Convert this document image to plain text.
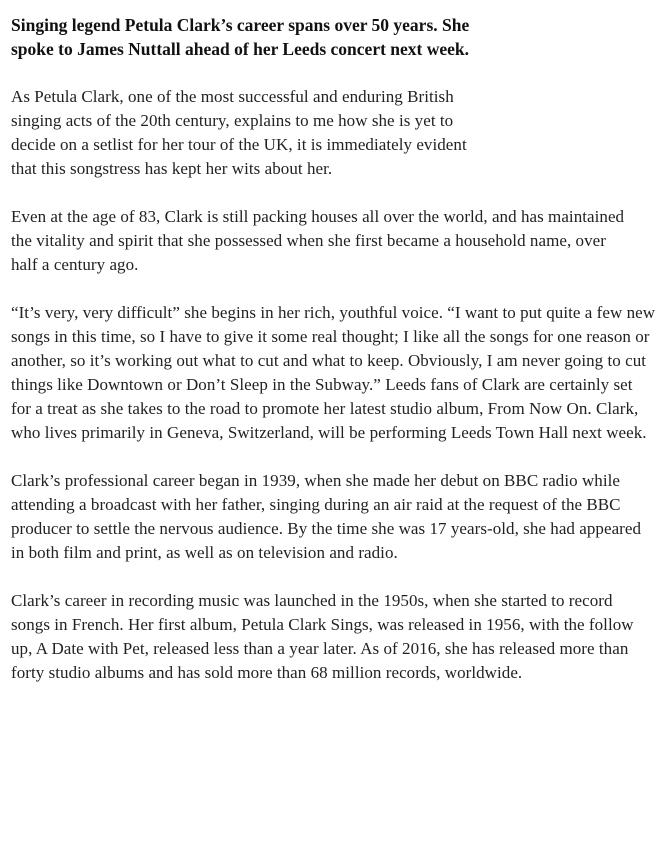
Singing legend Petula Clark’s career spans over 50 years. She spoke to James Nuttall ahead of her Leeds concert next week.

As Petula Clark, one of the most successful and enduring British singing acts of the 20th century, explains to me how she is yet to decide on a setlist for her tour of the UK, it is immediately evident that this songstress has kept her wits about her.

Even at the age of 83, Clark is still packing houses all over the world, and has maintained the vitality and spirit that she possessed when she first became a household name, over half a century ago.

“It’s very, very difficult” she begins in her rich, youthful voice. “I want to put quite a few new songs in this time, so I have to give it some real thought; I like all the songs for one reason or another, so it’s working out what to cut and what to keep. Obviously, I am never going to cut things like Downtown or Don’t Sleep in the Subway.” Leeds fans of Clark are certainly set for a treat as she takes to the road to promote her latest studio album, From Now On. Clark, who lives primarily in Geneva, Switzerland, will be performing Leeds Town Hall next week.

Clark’s professional career began in 1939, when she made her debut on BBC radio while attending a broadcast with her father, singing during an air raid at the request of the BBC producer to settle the nervous audience. By the time she was 17 years-old, she had appeared in both film and print, as well as on television and radio.

Clark’s career in recording music was launched in the 1950s, when she started to record songs in French. Her first album, Petula Clark Sings, was released in 1956, with the follow up, A Date with Pet, released less than a year later. As of 2016, she has released more than forty studio albums and has sold more than 68 million records, worldwide.
